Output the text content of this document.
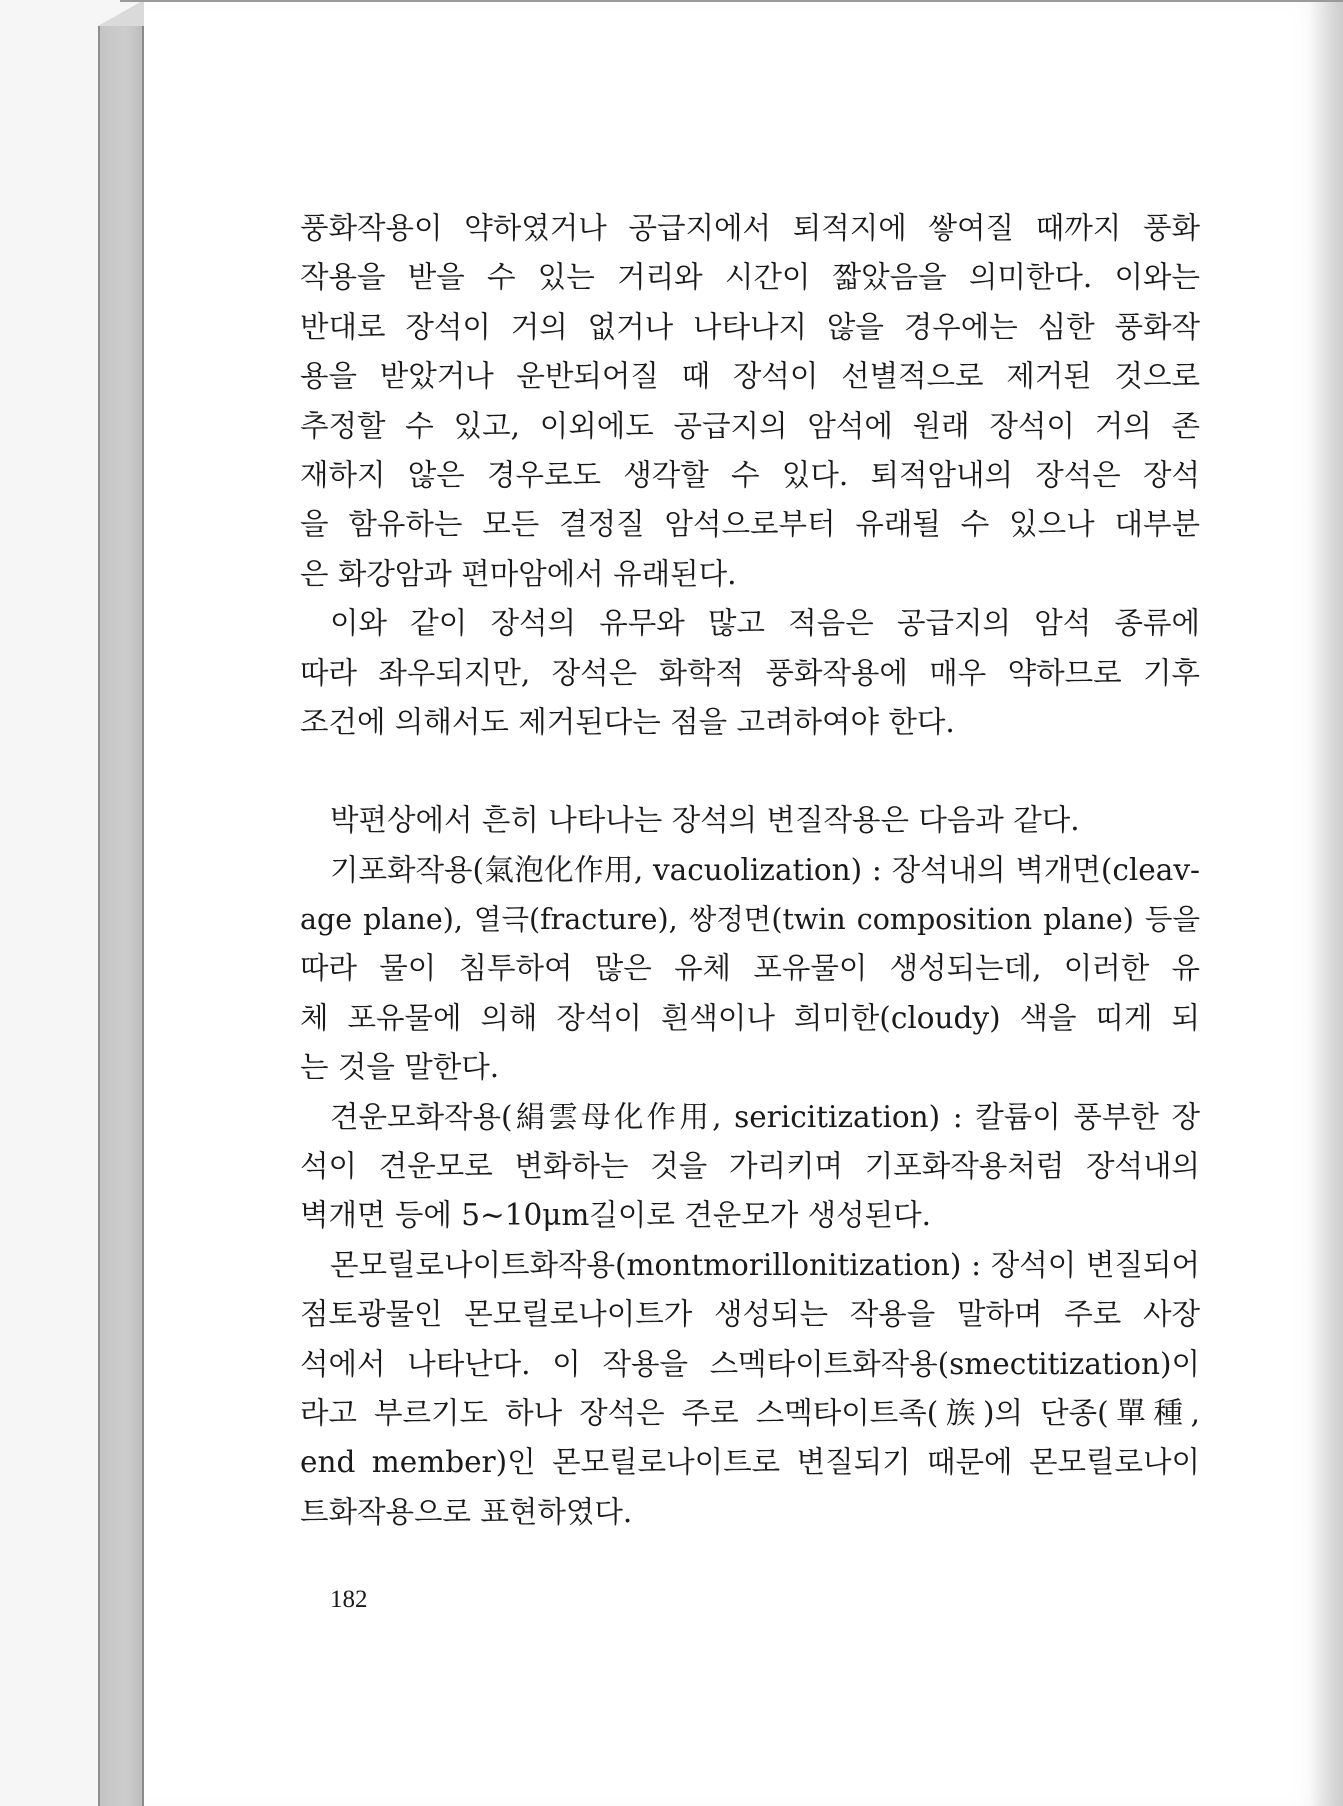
풍화작용이 약하였거나 공급지에서 퇴적지에 쌓여질 때까지 풍화
작용을 받을 수 있는 거리와 시간이 짧았음을 의미한다. 이와는
반대로 장석이 거의 없거나 나타나지 않을 경우에는 심한 풍화작
용을 받았거나 운반되어질 때 장석이 선별적으로 제거된 것으로
추정할 수 있고, 이외에도 공급지의 암석에 원래 장석이 거의 존
재하지 않은 경우로도 생각할 수 있다. 퇴적암내의 장석은 장석
을 함유하는 모든 결정질 암석으로부터 유래될 수 있으나 대부분
은 화강암과 편마암에서 유래된다.
이와 같이 장석의 유무와 많고 적음은 공급지의 암석 종류에
따라 좌우되지만, 장석은 화학적 풍화작용에 매우 약하므로 기후
조건에 의해서도 제거된다는 점을 고려하여야 한다.
박편상에서 흔히 나타나는 장석의 변질작용은 다음과 같다.
기포화작용(氣泡化作用, vacuolization) : 장석내의 벽개면(cleav-
age plane), 열극(fracture), 쌍정면(twin composition plane) 등을
따라 물이 침투하여 많은 유체 포유물이 생성되는데, 이러한 유
체 포유물에 의해 장석이 흰색이나 희미한(cloudy) 색을 띠게 되
는 것을 말한다.
견운모화작용(絹雲母化作用, sericitization) : 칼륨이 풍부한 장
석이 견운모로 변화하는 것을 가리키며 기포화작용처럼 장석내의
벽개면 등에 5~10μm길이로 견운모가 생성된다.
몬모릴로나이트화작용(montmorillonitization) : 장석이 변질되어
점토광물인 몬모릴로나이트가 생성되는 작용을 말하며 주로 사장
석에서 나타난다. 이 작용을 스멕타이트화작용(smectitization)이
라고 부르기도 하나 장석은 주로 스멕타이트족(族)의 단종(單種,
end member)인 몬모릴로나이트로 변질되기 때문에 몬모릴로나이
트화작용으로 표현하였다.
182
